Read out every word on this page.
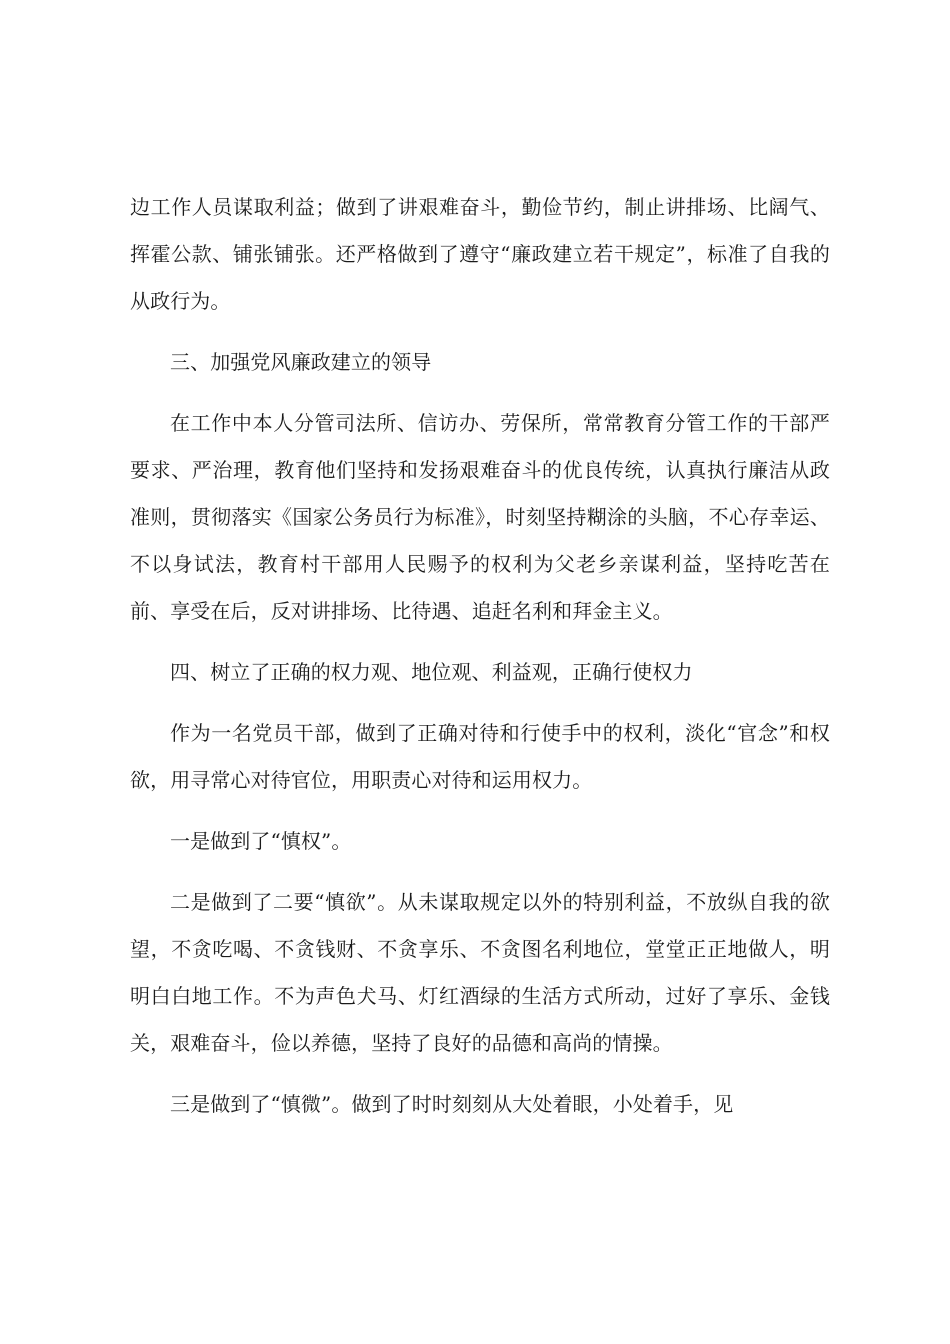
边工作人员谋取利益；做到了讲艰难奋斗，勤俭节约，制止讲排场、比阔气、挥霍公款、铺张铺张。还严格做到了遵守“廉政建立若干规定”，标准了自我的从政行为。

三、加强党风廉政建立的领导

在工作中本人分管司法所、信访办、劳保所，常常教育分管工作的干部严要求、严治理，教育他们坚持和发扬艰难奋斗的优良传统，认真执行廉洁从政准则，贯彻落实《国家公务员行为标准》，时刻坚持糊涂的头脑，不心存幸运、不以身试法，教育村干部用人民赐予的权利为父老乡亲谋利益，坚持吃苦在前、享受在后，反对讲排场、比待遇、追赶名利和拜金主义。

四、树立了正确的权力观、地位观、利益观，正确行使权力

作为一名党员干部，做到了正确对待和行使手中的权利，淡化“官念”和权欲，用寻常心对待官位，用职责心对待和运用权力。

一是做到了“慎权”。

二是做到了二要“慎欲”。从未谋取规定以外的特别利益，不放纵自我的欲望，不贪吃喝、不贪钱财、不贪享乐、不贪图名利地位，堂堂正正地做人，明明白白地工作。不为声色犬马、灯红酒绿的生活方式所动，过好了享乐、金钱关，艰难奋斗，俭以养德，坚持了良好的品德和高尚的情操。

三是做到了“慎微”。做到了时时刻刻从大处着眼，小处着手，见
